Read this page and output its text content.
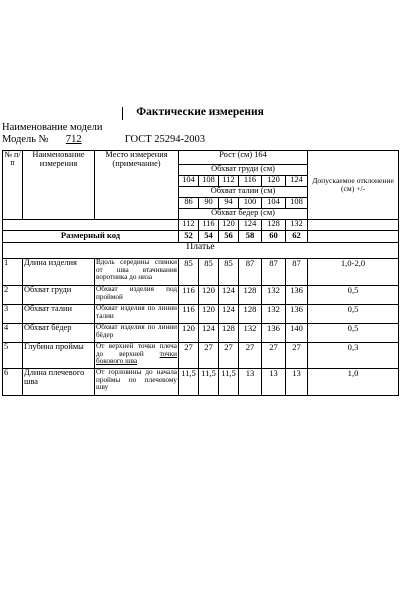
Фактические измерения
Наименование модели
Модель № 712	ГОСТ 25294-2003
№ п/п	Наименование измерения	Место измерения (примечание)	Рост (см) 164						Допускаемое отклонение (см) +/-
			Обхват груди (см)						
			104	108	112	116	120	124	
			Обхват талии (см)						
			86	90	94	100	104	108	
			Обхват бедер (см)						
			112	116	120	124	128	132	
Размерный код			52	54	56	58	60	62	
Платье									
1	Длина изделия	Вдоль середины спинки от шва втачивания воротника до низа	85	85	85	87	87	87	1,0-2,0
2	Обхват груди	Обхват изделия под проймой	116	120	124	128	132	136	0,5
3	Обхват талии	Обхват изделия по линии талии	116	120	124	128	132	136	0,5
4	Обхват бёдер	Обхват изделия по линии бёдер	120	124	128	132	136	140	0,5
5	Глубина проймы	От верхней точки плеча до верхней точки бокового шва	27	27	27	27	27	27	0,3
6	Длина плечевого шва	От горловины до начала проймы по плечевому шву	11,5	11,5	11,5	13	13	13	1,0
